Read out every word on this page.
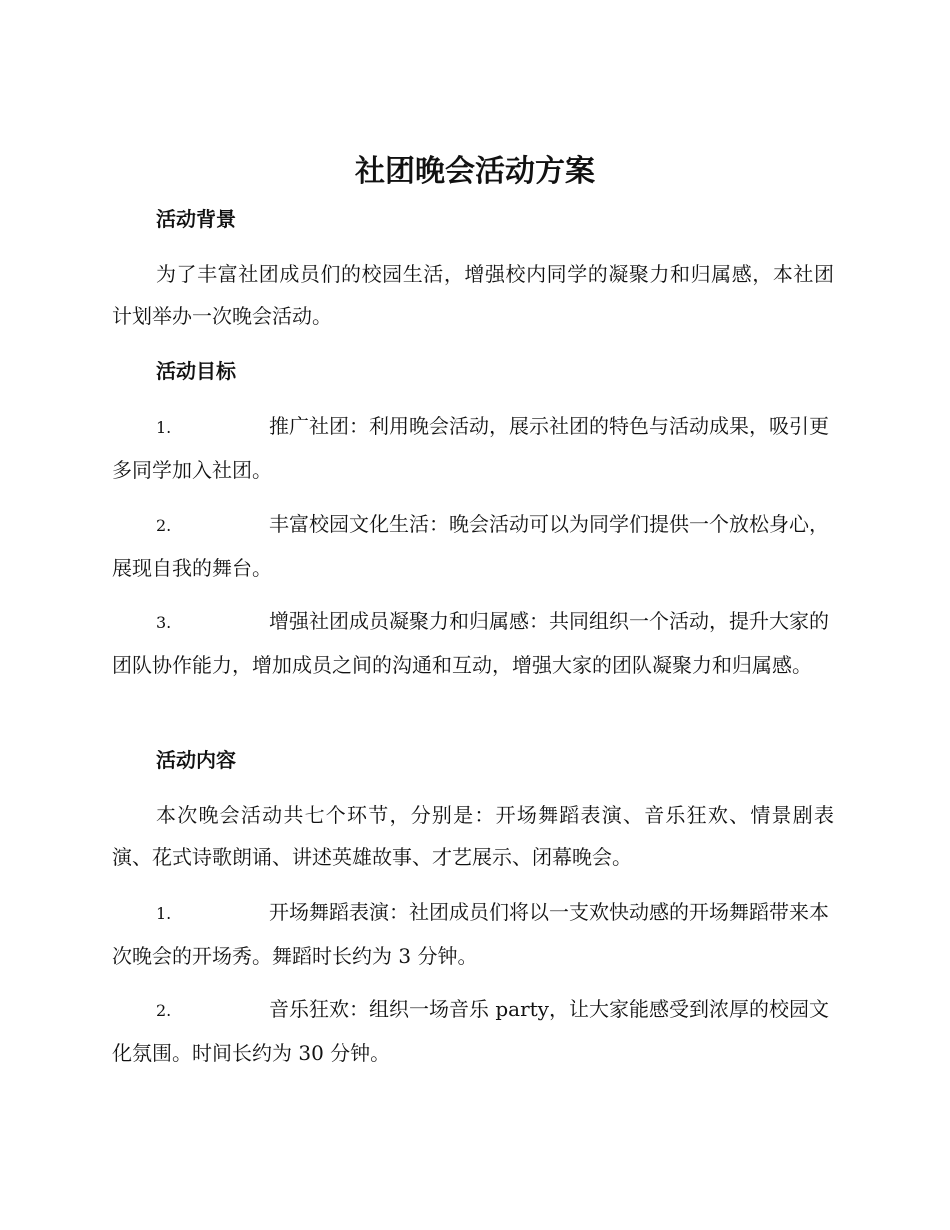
社团晚会活动方案
活动背景

为了丰富社团成员们的校园生活，增强校内同学的凝聚力和归属感，本社团计划举办一次晚会活动。

活动目标

1.	推广社团：利用晚会活动，展示社团的特色与活动成果，吸引更多同学加入社团。

2.	丰富校园文化生活：晚会活动可以为同学们提供一个放松身心，展现自我的舞台。

3.	增强社团成员凝聚力和归属感：共同组织一个活动，提升大家的团队协作能力，增加成员之间的沟通和互动，增强大家的团队凝聚力和归属感。

活动内容

本次晚会活动共七个环节，分别是：开场舞蹈表演、音乐狂欢、情景剧表演、花式诗歌朗诵、讲述英雄故事、才艺展示、闭幕晚会。

1.	开场舞蹈表演：社团成员们将以一支欢快动感的开场舞蹈带来本次晚会的开场秀。舞蹈时长约为 3 分钟。

2.	音乐狂欢：组织一场音乐 party，让大家能感受到浓厚的校园文化氛围。时间长约为 30 分钟。
